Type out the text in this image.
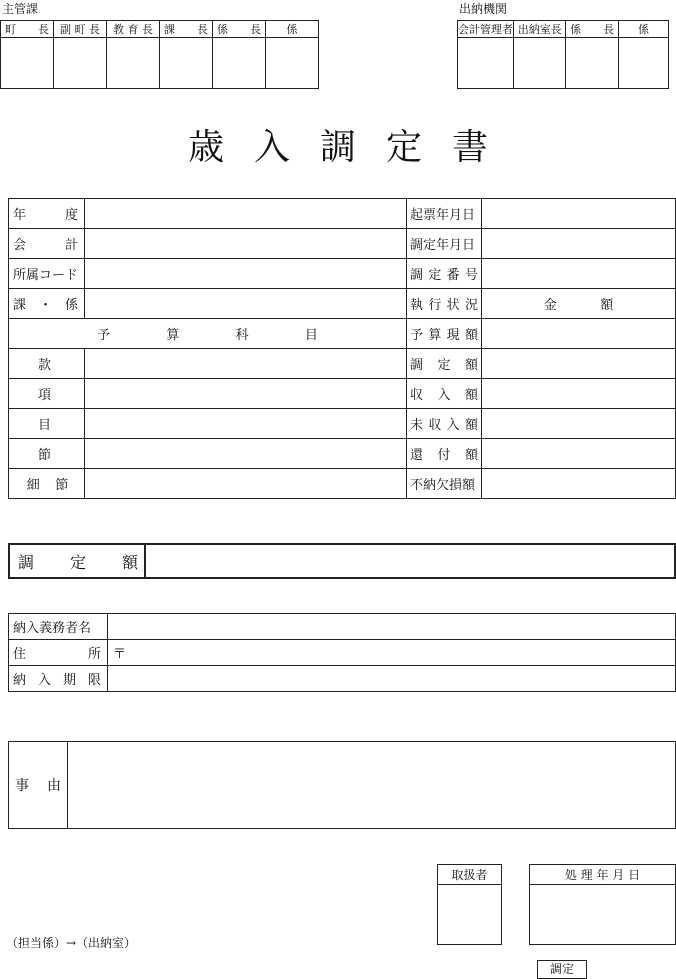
主管課	出納機関
町　　長	副 町 長	教 育 長	課　　長	係　　長	係
						会計管理者	出納室長	係　　長	係

歳 入 調 定 書
年 度		起票年月日	

会 計		調定年月日	

所属コード		調 定 番 号	

課 ・ 係		執 行 状 況	金 額

予 算 科 目		予 算 現 額	

款		調 定 額	

項		収 入 額	

目		未 収 入 額	

節		還 付 額	

細 節		不納欠損額	

調 定 額

納入義務者名	

住 所	〒

納 入 期 限	

事 由

（担当係）→（出納室）
取扱者	処 理 年 月 日

調定
